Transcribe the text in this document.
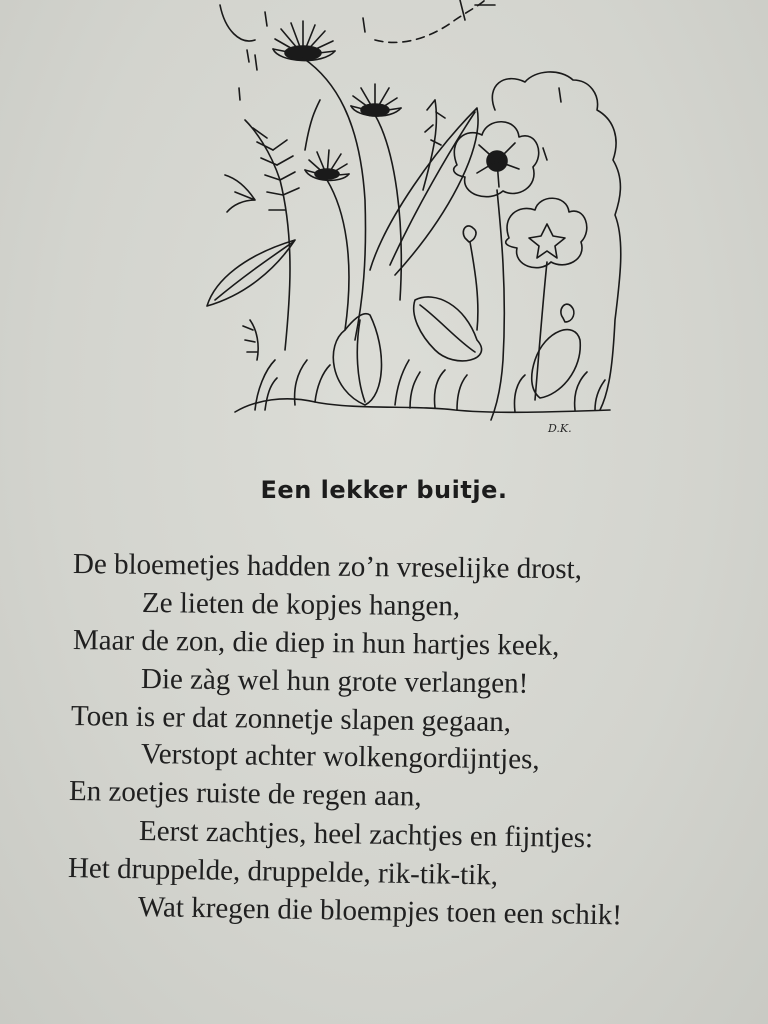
D.K.
Een lekker buitje.
De bloemetjes hadden zo’n vreselijke drost,
Ze lieten de kopjes hangen,
Maar de zon, die diep in hun hartjes keek,
Die zàg wel hun grote verlangen!
Toen is er dat zonnetje slapen gegaan,
Verstopt achter wolkengordijntjes,
En zoetjes ruiste de regen aan,
Eerst zachtjes, heel zachtjes en fijntjes:
Het druppelde, druppelde, rik-tik-tik,
Wat kregen die bloempjes toen een schik!
